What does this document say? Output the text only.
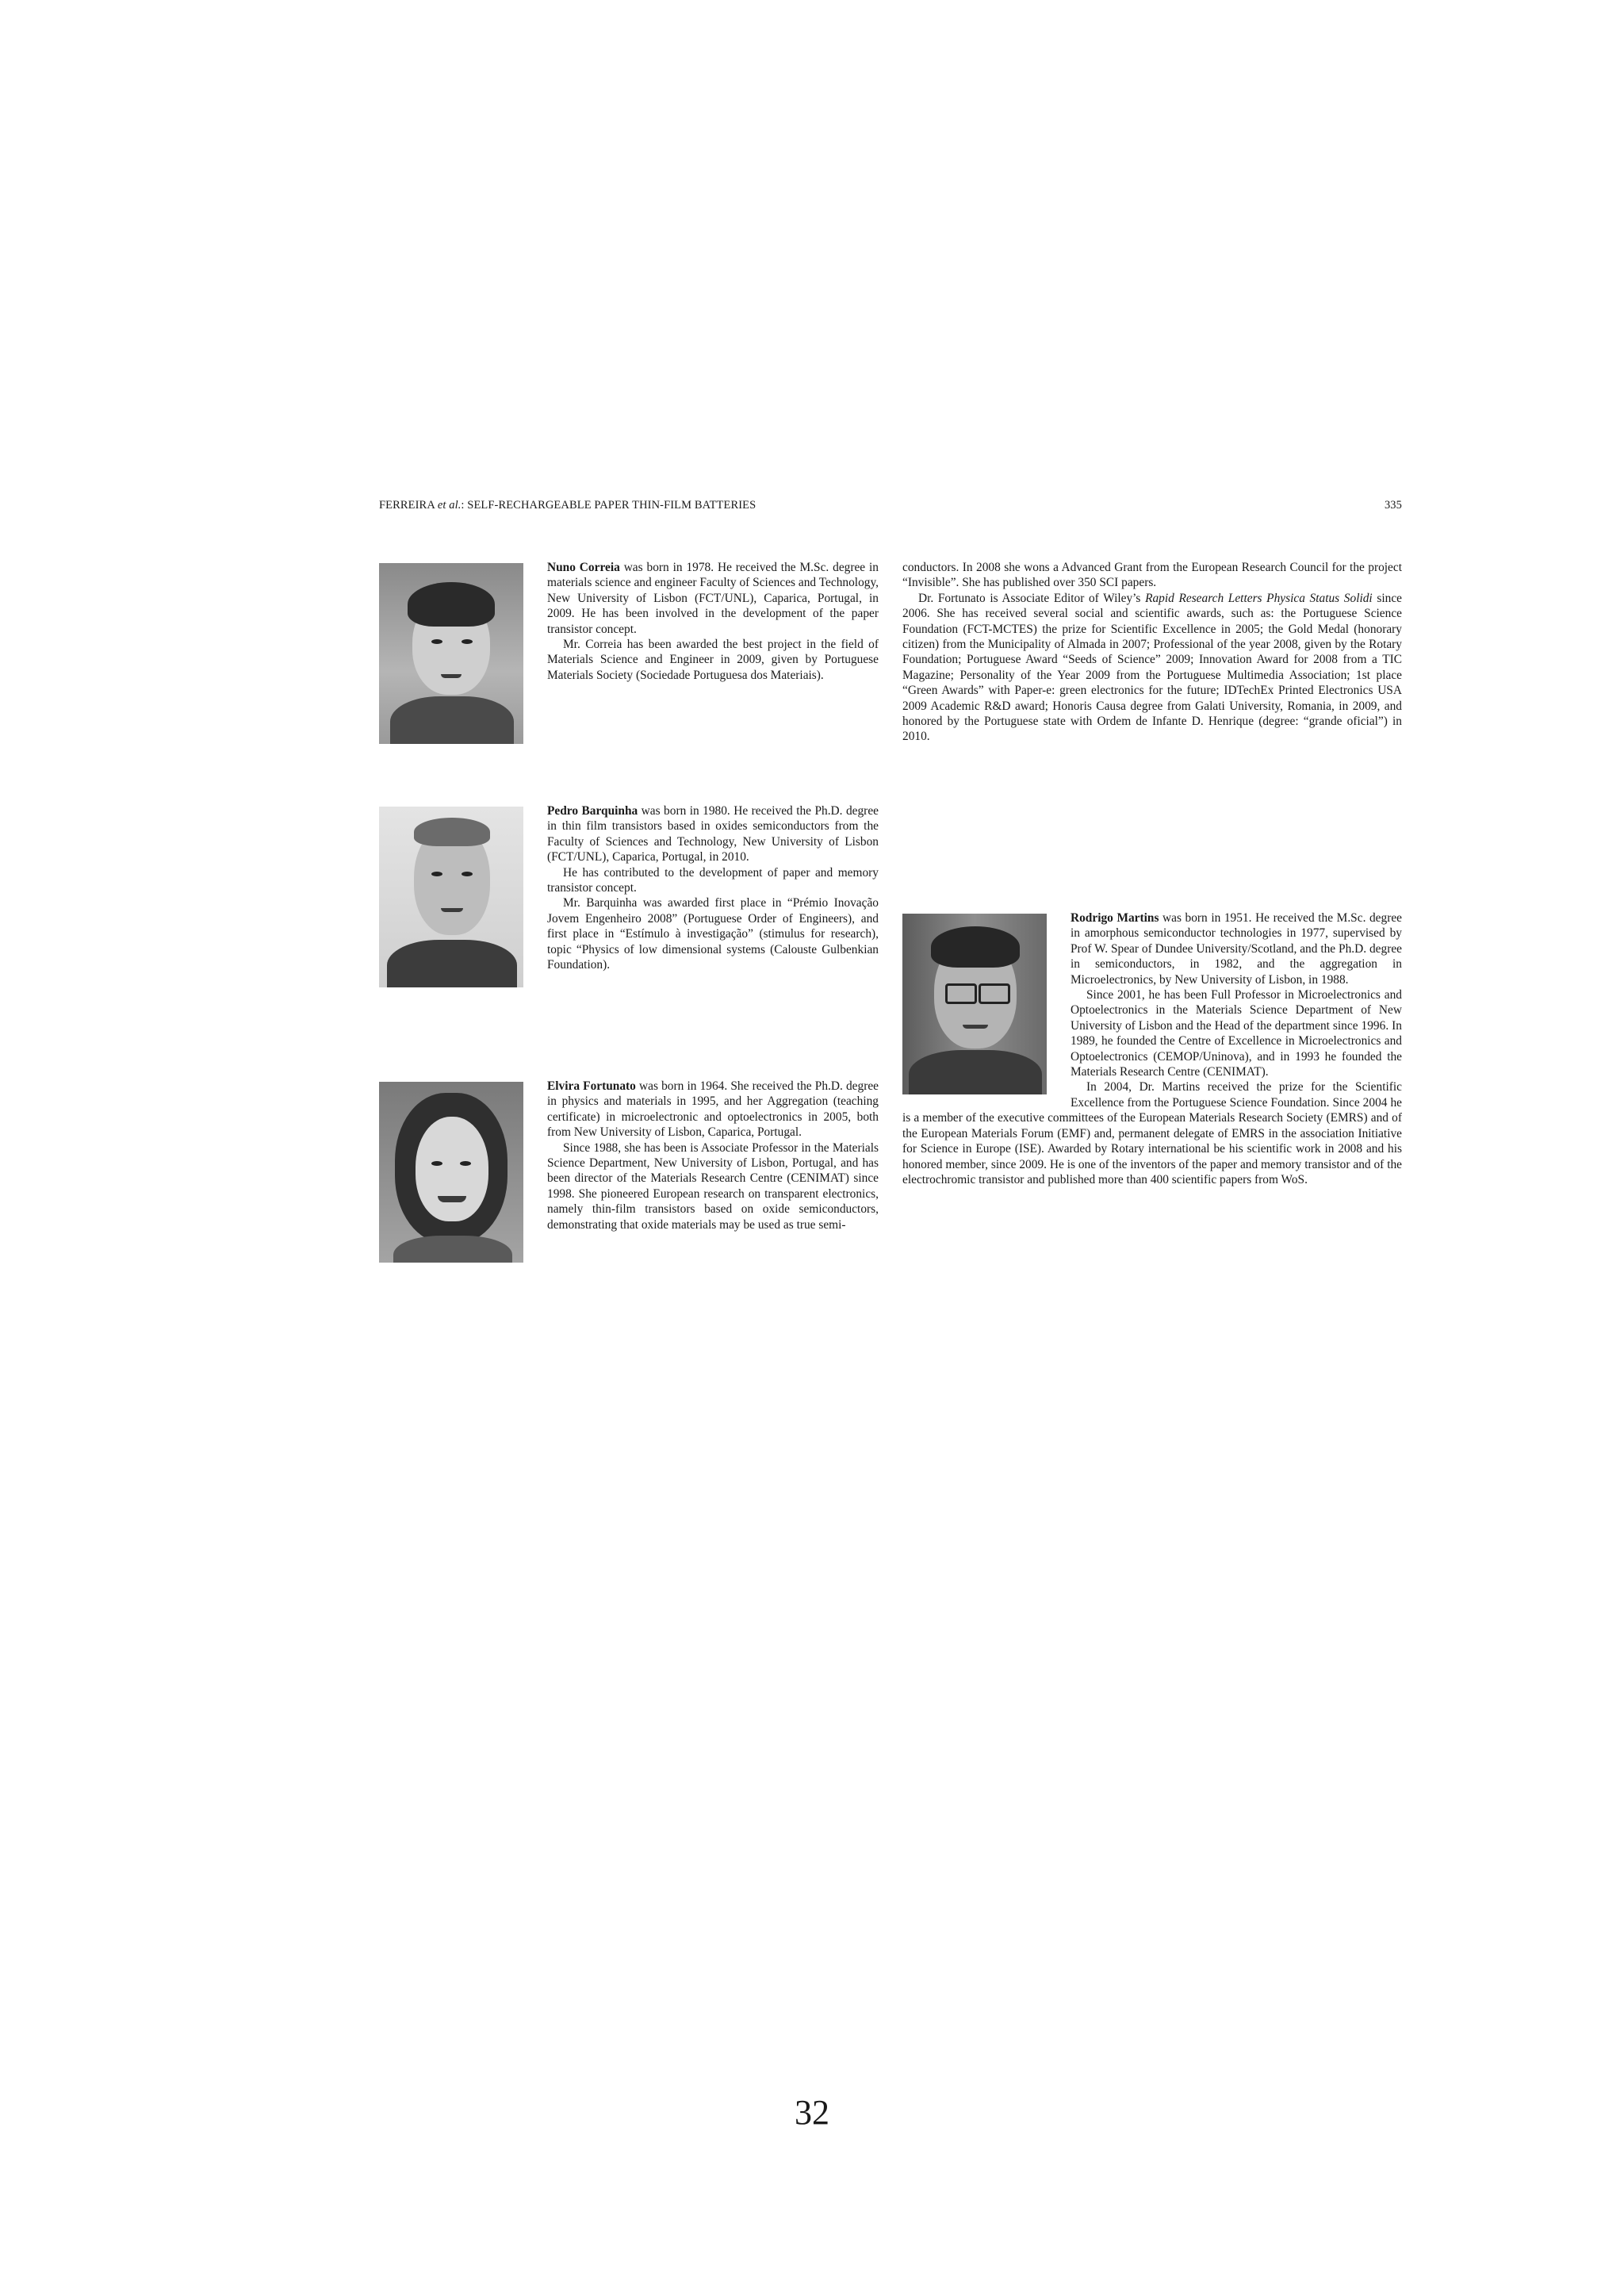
FERREIRA et al.: SELF-RECHARGEABLE PAPER THIN-FILM BATTERIES	335

Nuno Correia was born in 1978. He received the M.Sc. degree in materials science and engineer Faculty of Sciences and Technology, New University of Lisbon (FCT/UNL), Caparica, Portugal, in 2009. He has been involved in the development of the paper transistor concept.

Mr. Correia has been awarded the best project in the field of Materials Science and Engineer in 2009, given by Portuguese Materials Society (Sociedade Portuguesa dos Materiais).

Pedro Barquinha was born in 1980. He received the Ph.D. degree in thin film transistors based in oxides semiconductors from the Faculty of Sciences and Technology, New University of Lisbon (FCT/UNL), Caparica, Portugal, in 2010.

He has contributed to the development of paper and memory transistor concept.

Mr. Barquinha was awarded first place in “Prémio Inovação Jovem Engenheiro 2008” (Portuguese Order of Engineers), and first place in “Estímulo à investigação” (stimulus for research), topic “Physics of low dimensional systems (Calouste Gulbenkian Foundation).

Elvira Fortunato was born in 1964. She received the Ph.D. degree in physics and materials in 1995, and her Aggregation (teaching certificate) in microelectronic and optoelectronics in 2005, both from New University of Lisbon, Caparica, Portugal.

Since 1988, she has been is Associate Professor in the Materials Science Department, New University of Lisbon, Portugal, and has been director of the Materials Research Centre (CENIMAT) since 1998. She pioneered European research on transparent electronics, namely thin-film transistors based on oxide semiconductors, demonstrating that oxide materials may be used as true semi-

conductors. In 2008 she wons a Advanced Grant from the European Research Council for the project “Invisible”. She has published over 350 SCI papers.

Dr. Fortunato is Associate Editor of Wiley’s Rapid Research Letters Physica Status Solidi since 2006. She has received several social and scientific awards, such as: the Portuguese Science Foundation (FCT-MCTES) the prize for Scientific Excellence in 2005; the Gold Medal (honorary citizen) from the Municipality of Almada in 2007; Professional of the year 2008, given by the Rotary Foundation; Portuguese Award “Seeds of Science” 2009; Innovation Award for 2008 from a TIC Magazine; Personality of the Year 2009 from the Portuguese Multimedia Association; 1st place “Green Awards” with Paper-e: green electronics for the future; IDTechEx Printed Electronics USA 2009 Academic R&D award; Honoris Causa degree from Galati University, Romania, in 2009, and honored by the Portuguese state with Ordem de Infante D. Henrique (degree: “grande oficial”) in 2010.

Rodrigo Martins was born in 1951. He received the M.Sc. degree in amorphous semiconductor technologies in 1977, supervised by Prof W. Spear of Dundee University/Scotland, and the Ph.D. degree in semiconductors, in 1982, and the aggregation in Microelectronics, by New University of Lisbon, in 1988.

Since 2001, he has been Full Professor in Microelectronics and Optoelectronics in the Materials Science Department of New University of Lisbon and the Head of the department since 1996. In 1989, he founded the Centre of Excellence in Microelectronics and Optoelectronics (CEMOP/Uninova), and in 1993 he founded the Materials Research Centre (CENIMAT).

In 2004, Dr. Martins received the prize for the Scientific Excellence from the Portuguese Science Foundation. Since 2004 he is a member of the executive committees of the European Materials Research Society (EMRS) and of the European Materials Forum (EMF) and, permanent delegate of EMRS in the association Initiative for Science in Europe (ISE). Awarded by Rotary international be his scientific work in 2008 and his honored member, since 2009. He is one of the inventors of the paper and memory transistor and of the electrochromic transistor and published more than 400 scientific papers from WoS.

32
